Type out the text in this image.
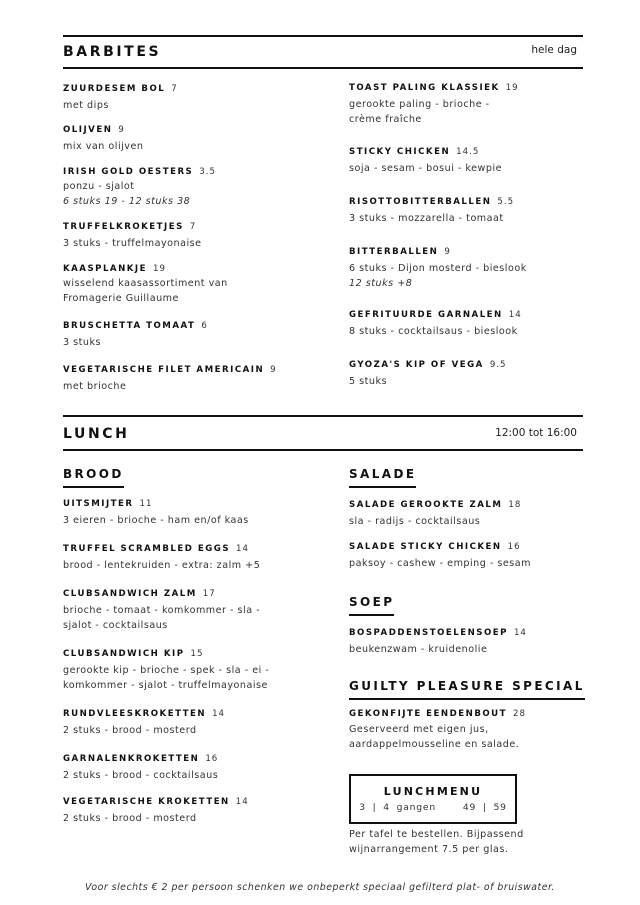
BARBITES	hele dag
ZUURDESEM BOL 7
met dips
OLIJVEN 9
mix van olijven
IRISH GOLD OESTERS 3.5
ponzu - sjalot
6 stuks 19 - 12 stuks 38
TRUFFELKROKETJES 7
3 stuks - truffelmayonaise
KAASPLANKJE 19
wisselend kaasassortiment van
Fromagerie Guillaume
BRUSCHETTA TOMAAT 6
3 stuks
VEGETARISCHE FILET AMERICAIN 9
met brioche
TOAST PALING KLASSIEK 19
gerookte paling - brioche -
crème fraîche
STICKY CHICKEN 14.5
soja - sesam - bosui - kewpie
RISOTTOBITTERBALLEN 5.5
3 stuks - mozzarella - tomaat
BITTERBALLEN 9
6 stuks - Dijon mosterd - bieslook
12 stuks +8
GEFRITUURDE GARNALEN 14
8 stuks - cocktailsaus - bieslook
GYOZA'S KIP OF VEGA 9.5
5 stuks
LUNCH	12:00 tot 16:00
BROOD
UITSMIJTER 11
3 eieren - brioche - ham en/of kaas
TRUFFEL SCRAMBLED EGGS 14
brood - lentekruiden - extra: zalm +5
CLUBSANDWICH ZALM 17
brioche - tomaat - komkommer - sla -
sjalot - cocktailsaus
CLUBSANDWICH KIP 15
gerookte kip - brioche - spek - sla - ei -
komkommer - sjalot - truffelmayonaise
RUNDVLEESKROKETTEN 14
2 stuks - brood - mosterd
GARNALENKROKETTEN 16
2 stuks - brood - cocktailsaus
VEGETARISCHE KROKETTEN 14
2 stuks - brood - mosterd
SALADE
SALADE GEROOKTE ZALM 18
sla - radijs - cocktailsaus
SALADE STICKY CHICKEN 16
paksoy - cashew - emping - sesam
SOEP
BOSPADDENSTOELENSOEP 14
beukenzwam - kruidenolie
GUILTY PLEASURE SPECIAL
GEKONFIJTE EENDENBOUT 28
Geserveerd met eigen jus,
aardappelmousseline en salade.
LUNCHMENU
3 | 4 gangen    49 | 59
Per tafel te bestellen. Bijpassend
wijnarrangement 7.5 per glas.
Voor slechts € 2 per persoon schenken we onbeperkt speciaal gefilterd plat- of bruiswater.
